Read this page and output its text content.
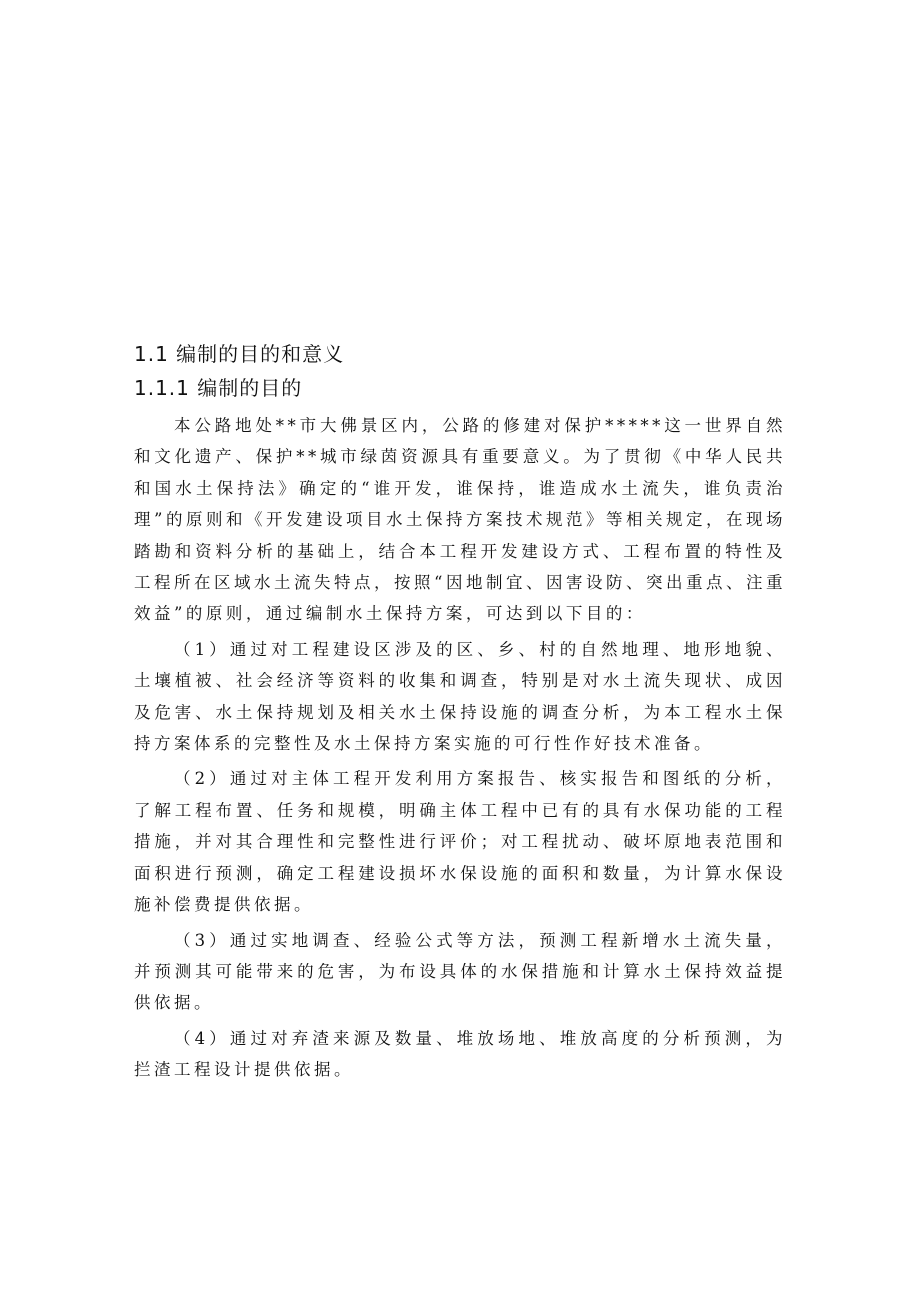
1.1 编制的目的和意义
1.1.1 编制的目的

本公路地处**市大佛景区内，公路的修建对保护*****这一世界自然和文化遗产、保护**城市绿茵资源具有重要意义。为了贯彻《中华人民共和国水土保持法》确定的“谁开发，谁保持，谁造成水土流失，谁负责治理”的原则和《开发建设项目水土保持方案技术规范》等相关规定，在现场踏勘和资料分析的基础上，结合本工程开发建设方式、工程布置的特性及工程所在区域水土流失特点，按照“因地制宜、因害设防、突出重点、注重效益”的原则，通过编制水土保持方案，可达到以下目的：

（1）通过对工程建设区涉及的区、乡、村的自然地理、地形地貌、土壤植被、社会经济等资料的收集和调查，特别是对水土流失现状、成因及危害、水土保持规划及相关水土保持设施的调查分析，为本工程水土保持方案体系的完整性及水土保持方案实施的可行性作好技术准备。

（2）通过对主体工程开发利用方案报告、核实报告和图纸的分析，了解工程布置、任务和规模，明确主体工程中已有的具有水保功能的工程措施，并对其合理性和完整性进行评价；对工程扰动、破坏原地表范围和面积进行预测，确定工程建设损坏水保设施的面积和数量，为计算水保设施补偿费提供依据。

（3）通过实地调查、经验公式等方法，预测工程新增水土流失量，并预测其可能带来的危害，为布设具体的水保措施和计算水土保持效益提供依据。

（4）通过对弃渣来源及数量、堆放场地、堆放高度的分析预测，为拦渣工程设计提供依据。
